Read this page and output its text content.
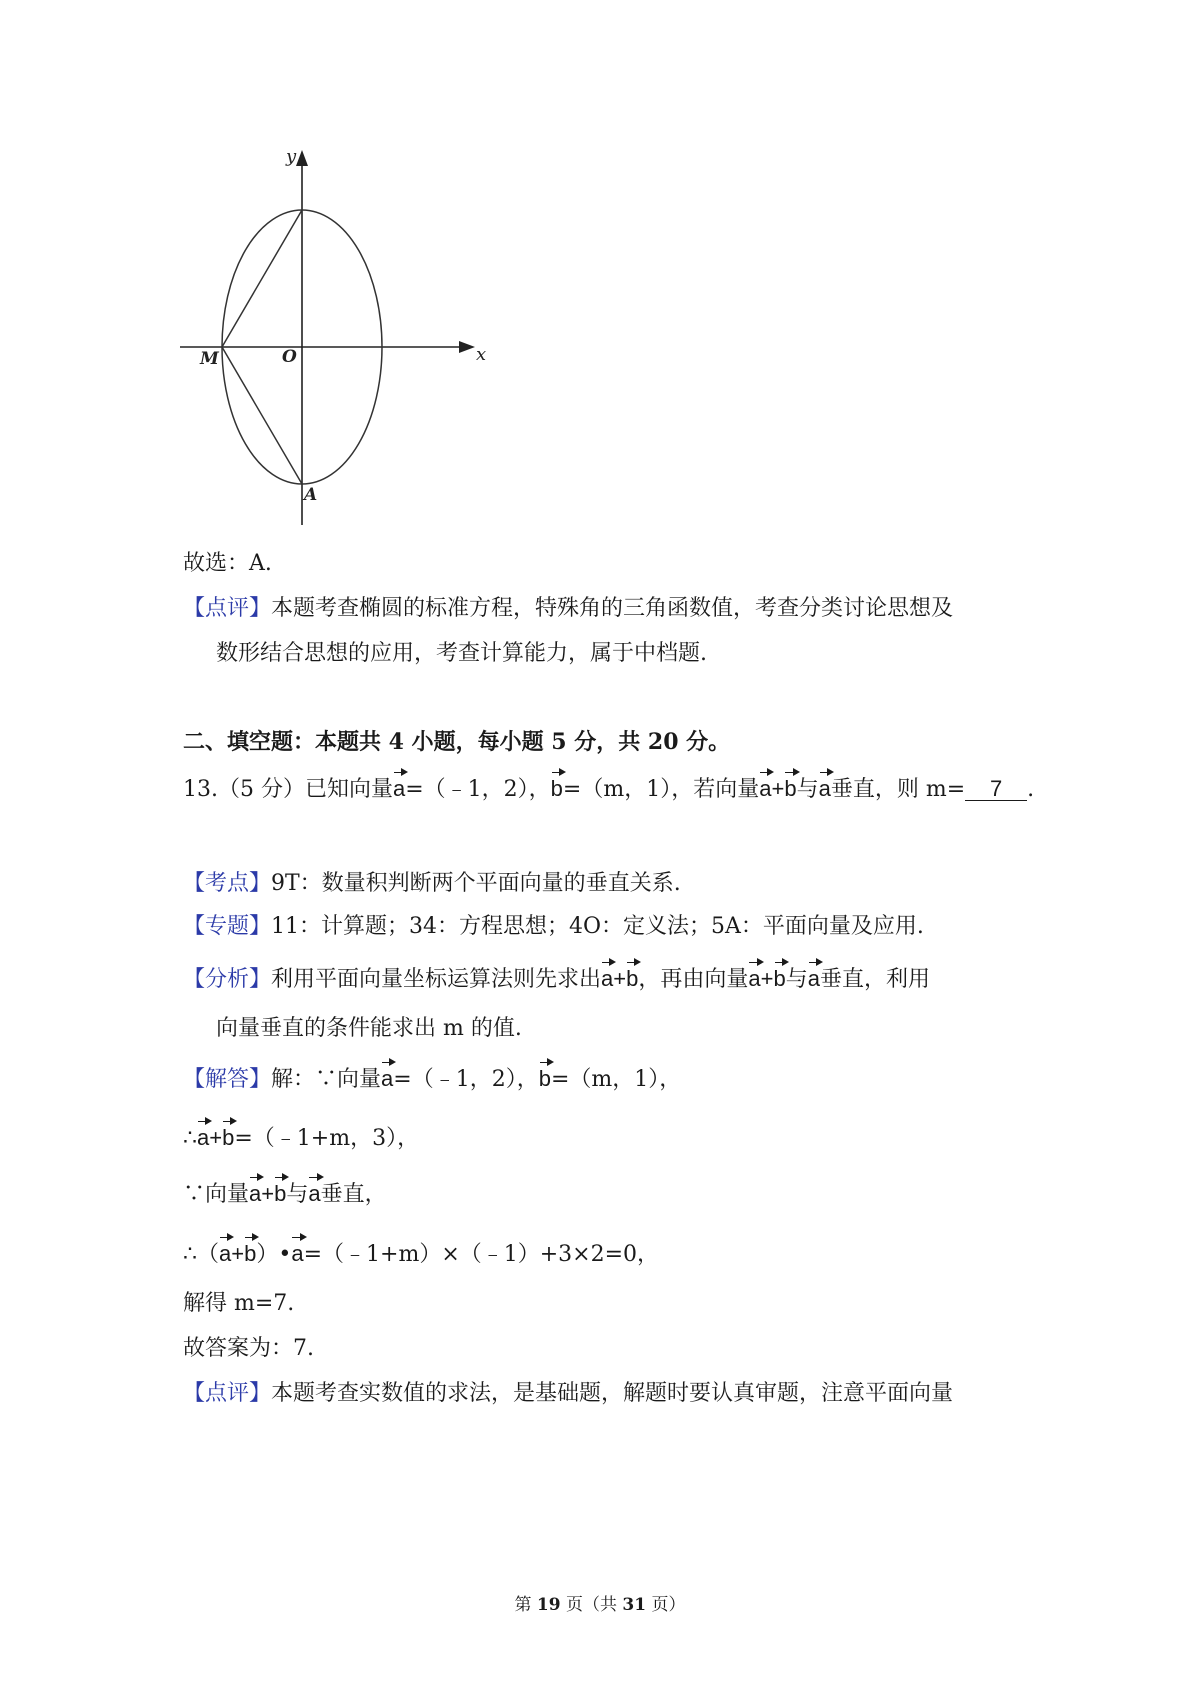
y
x
O
M
A
故选：A.
【点评】本题考查椭圆的标准方程，特殊角的三角函数值，考查分类讨论思想及
数形结合思想的应用，考查计算能力，属于中档题.
二、填空题：本题共 4 小题，每小题 5 分，共 20 分。
13.（5 分）已知向量a=（﹣1，2），b=（m，1），若向量a+b与a垂直，则 m= 7 .
【考点】9T：数量积判断两个平面向量的垂直关系.
【专题】11：计算题；34：方程思想；4O：定义法；5A：平面向量及应用.
【分析】利用平面向量坐标运算法则先求出a+b，再由向量a+b与a垂直，利用
向量垂直的条件能求出 m 的值.
【解答】解：∵向量a=（﹣1，2），b=（m，1），
∴a+b=（﹣1+m，3），
∵向量a+b与a垂直，
∴（a+b）•a=（﹣1+m）×（﹣1）+3×2=0，
解得 m=7.
故答案为：7.
【点评】本题考查实数值的求法，是基础题，解题时要认真审题，注意平面向量
第 19 页（共 31 页）
